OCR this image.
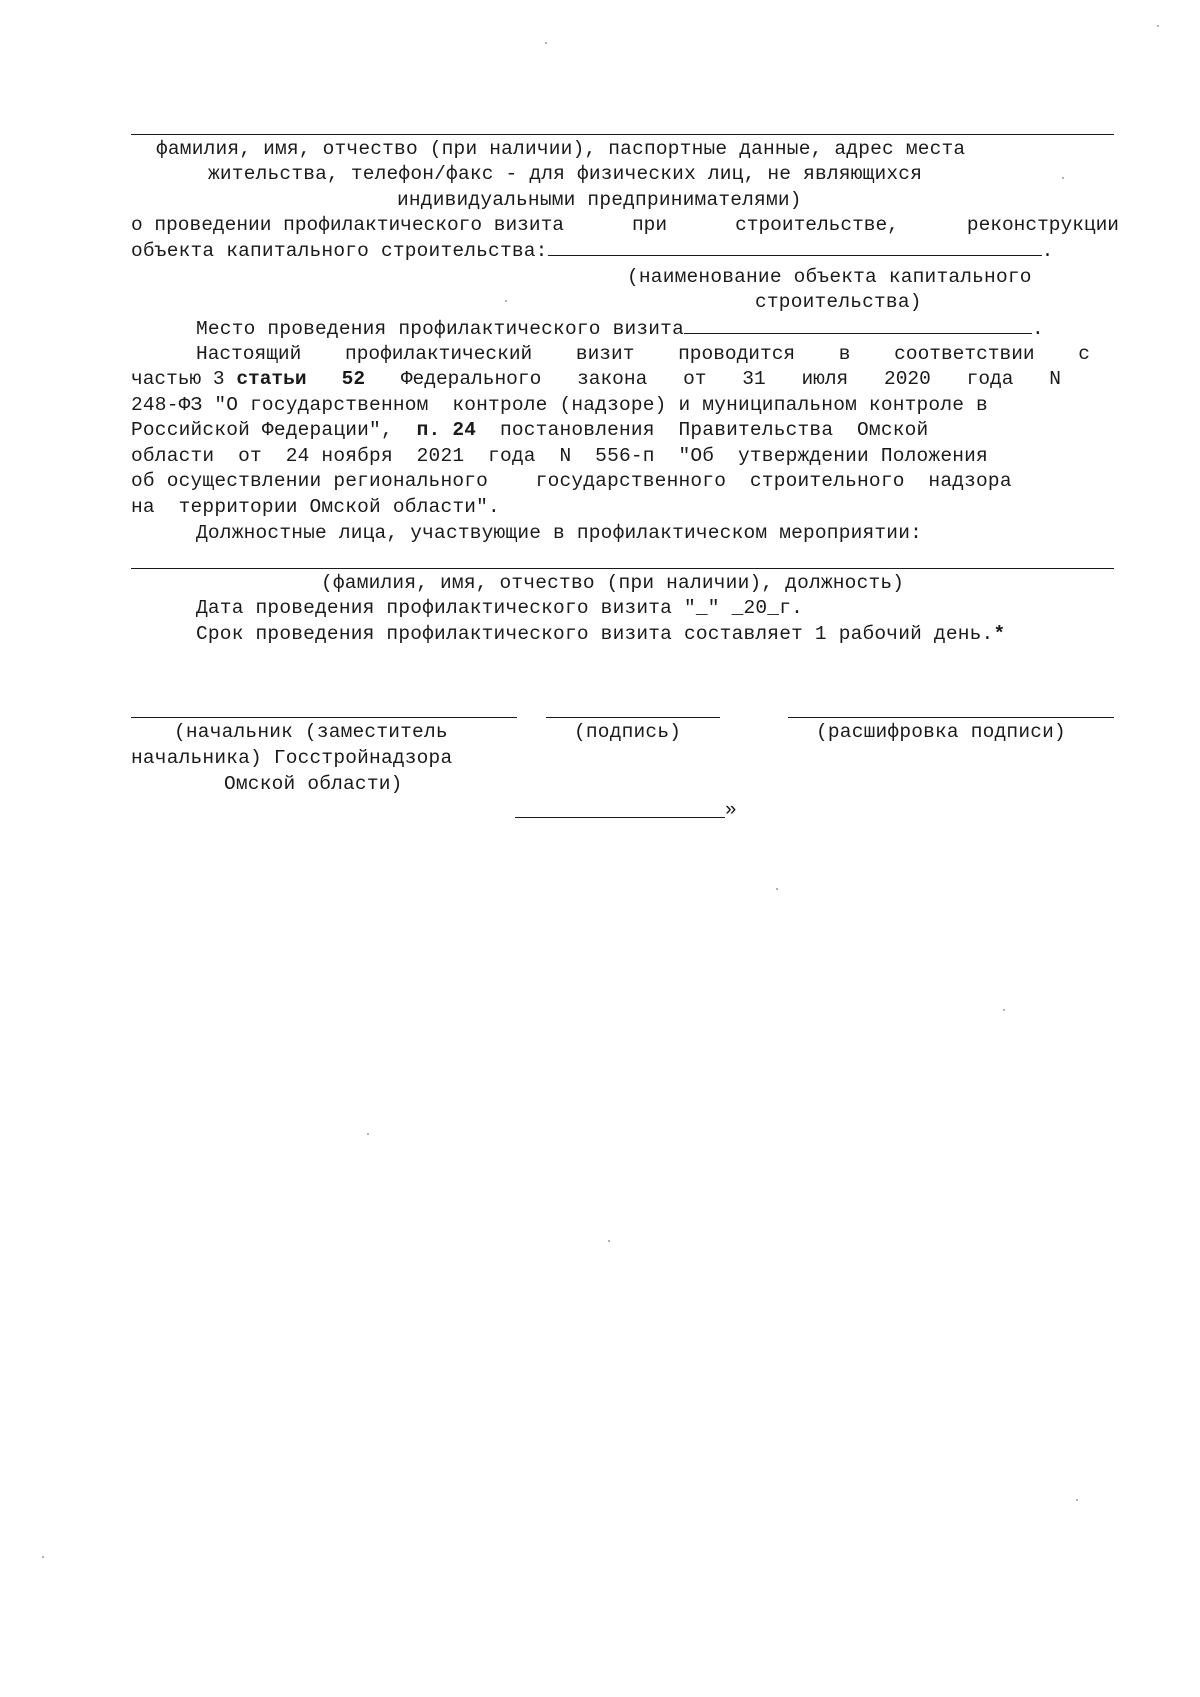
фамилия, имя, отчество (при наличии), паспортные данные, адрес места
жительства, телефон/факс - для физических лиц, не являющихся
индивидуальными предпринимателями)
о проведении профилактического визита	при	строительстве,	реконструкции
объекта капитального строительства:	.
(наименование объекта капитального
строительства)
Место проведения профилактического визита	.
Настоящий профилактический визит проводится в соответствии с
частью 3 статьи 52 Федерального закона от 31 июля 2020 года N
248-ФЗ "О государственном  контроле (надзоре) и муниципальном контроле в
Российской Федерации",  п. 24  постановления  Правительства  Омской
области  от  24 ноября  2021  года  N  556-п  "Об  утверждении Положения
об осуществлении регионального    государственного  строительного  надзора
на  территории Омской области".
Должностные лица, участвующие в профилактическом мероприятии:
(фамилия, имя, отчество (при наличии), должность)
Дата проведения профилактического визита "_" _20_г.
Срок проведения профилактического визита составляет 1 рабочий день.*
(начальник (заместитель
начальника) Госстройнадзора
Омской области)
(подпись)	(расшифровка подписи)
»
